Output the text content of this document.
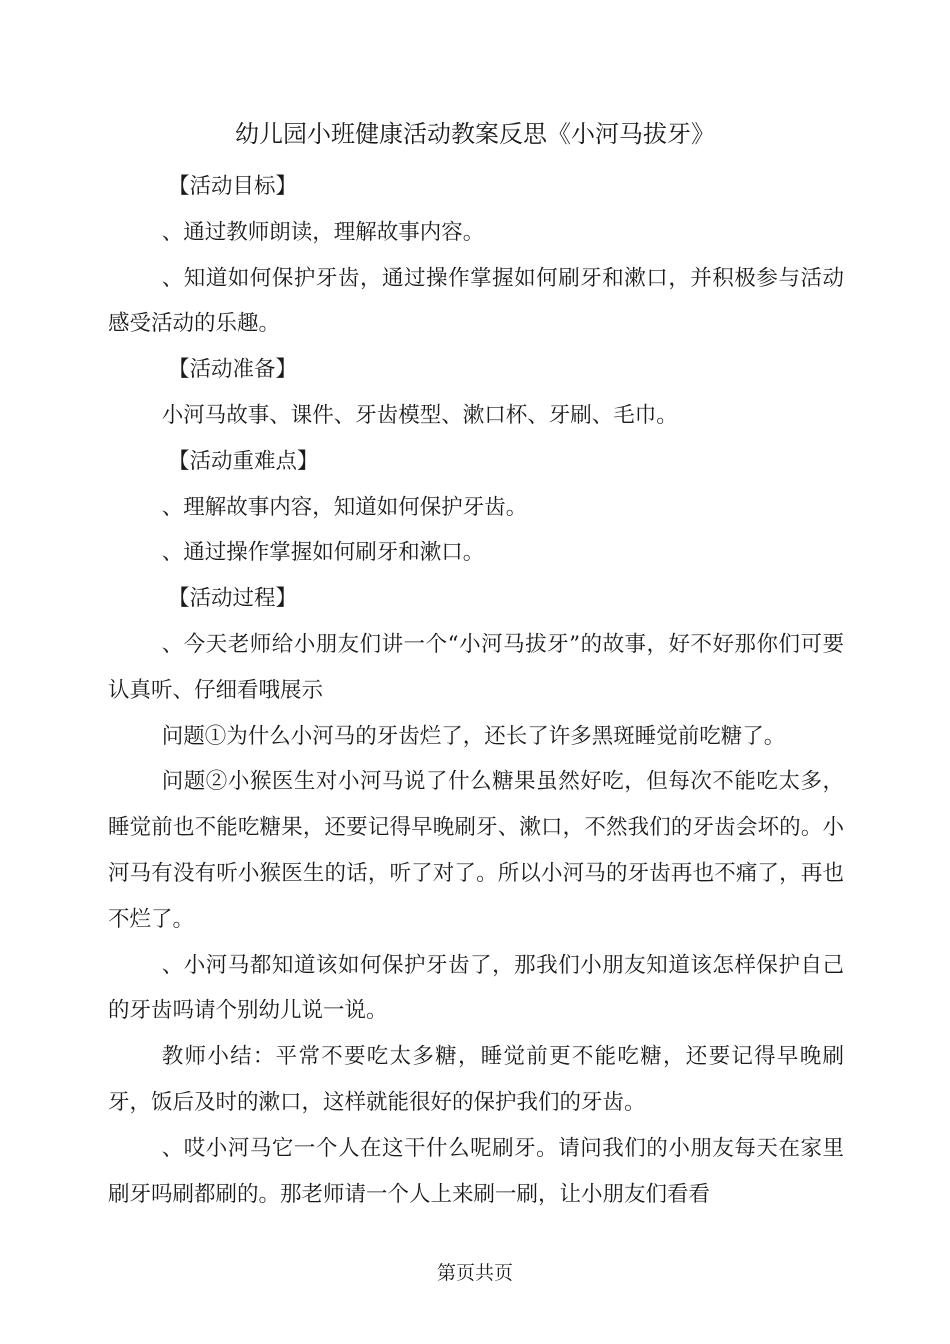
幼儿园小班健康活动教案反思《小河马拔牙》

【活动目标】

、通过教师朗读，理解故事内容。

、知道如何保护牙齿，通过操作掌握如何刷牙和漱口，并积极参与活动感受活动的乐趣。

【活动准备】

小河马故事、课件、牙齿模型、漱口杯、牙刷、毛巾。

【活动重难点】

、理解故事内容，知道如何保护牙齿。

、通过操作掌握如何刷牙和漱口。

【活动过程】

、今天老师给小朋友们讲一个“小河马拔牙”的故事，好不好那你们可要认真听、仔细看哦展示

问题①为什么小河马的牙齿烂了，还长了许多黑斑睡觉前吃糖了。

问题②小猴医生对小河马说了什么糖果虽然好吃，但每次不能吃太多，睡觉前也不能吃糖果，还要记得早晚刷牙、漱口，不然我们的牙齿会坏的。小河马有没有听小猴医生的话，听了对了。所以小河马的牙齿再也不痛了，再也不烂了。

、小河马都知道该如何保护牙齿了，那我们小朋友知道该怎样保护自己的牙齿吗请个别幼儿说一说。

教师小结：平常不要吃太多糖，睡觉前更不能吃糖，还要记得早晚刷牙，饭后及时的漱口，这样就能很好的保护我们的牙齿。

、哎小河马它一个人在这干什么呢刷牙。请问我们的小朋友每天在家里刷牙吗刷都刷的。那老师请一个人上来刷一刷，让小朋友们看看

第页共页
